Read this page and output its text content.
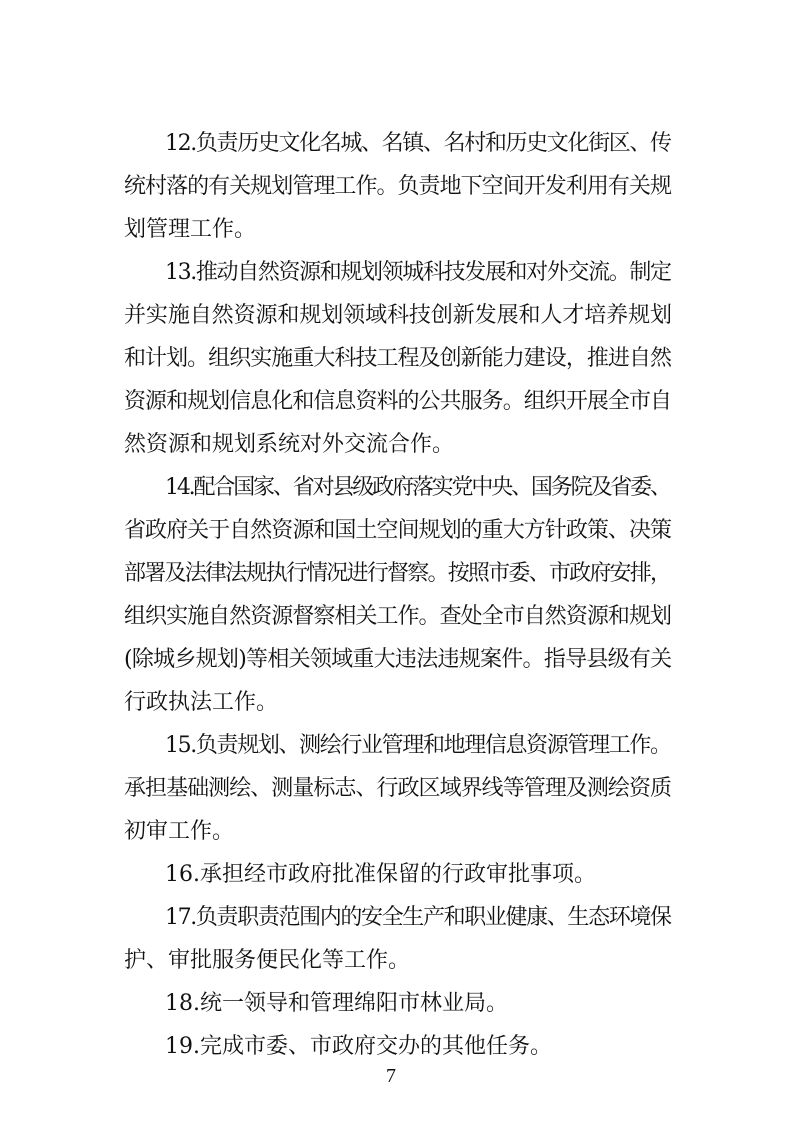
12.负责历史文化名城、名镇、名村和历史文化街区、传
统村落的有关规划管理工作。负责地下空间开发利用有关规
划管理工作。
13.推动自然资源和规划领城科技发展和对外交流。制定
并实施自然资源和规划领域科技创新发展和人才培养规划
和计划。组织实施重大科技工程及创新能力建设，推进自然
资源和规划信息化和信息资料的公共服务。组织开展全市自
然资源和规划系统对外交流合作。
14.配合国家、省对县级政府落实党中央、国务院及省委、
省政府关于自然资源和国土空间规划的重大方针政策、决策
部署及法律法规执行情况进行督察。按照市委、市政府安排，
组织实施自然资源督察相关工作。查处全市自然资源和规划
(除城乡规划)等相关领域重大违法违规案件。指导县级有关
行政执法工作。
15.负责规划、测绘行业管理和地理信息资源管理工作。
承担基础测绘、测量标志、行政区域界线等管理及测绘资质
初审工作。
16.承担经市政府批准保留的行政审批事项。
17.负责职责范围内的安全生产和职业健康、生态环境保
护、审批服务便民化等工作。
18.统一领导和管理绵阳市林业局。
19.完成市委、市政府交办的其他任务。
7
